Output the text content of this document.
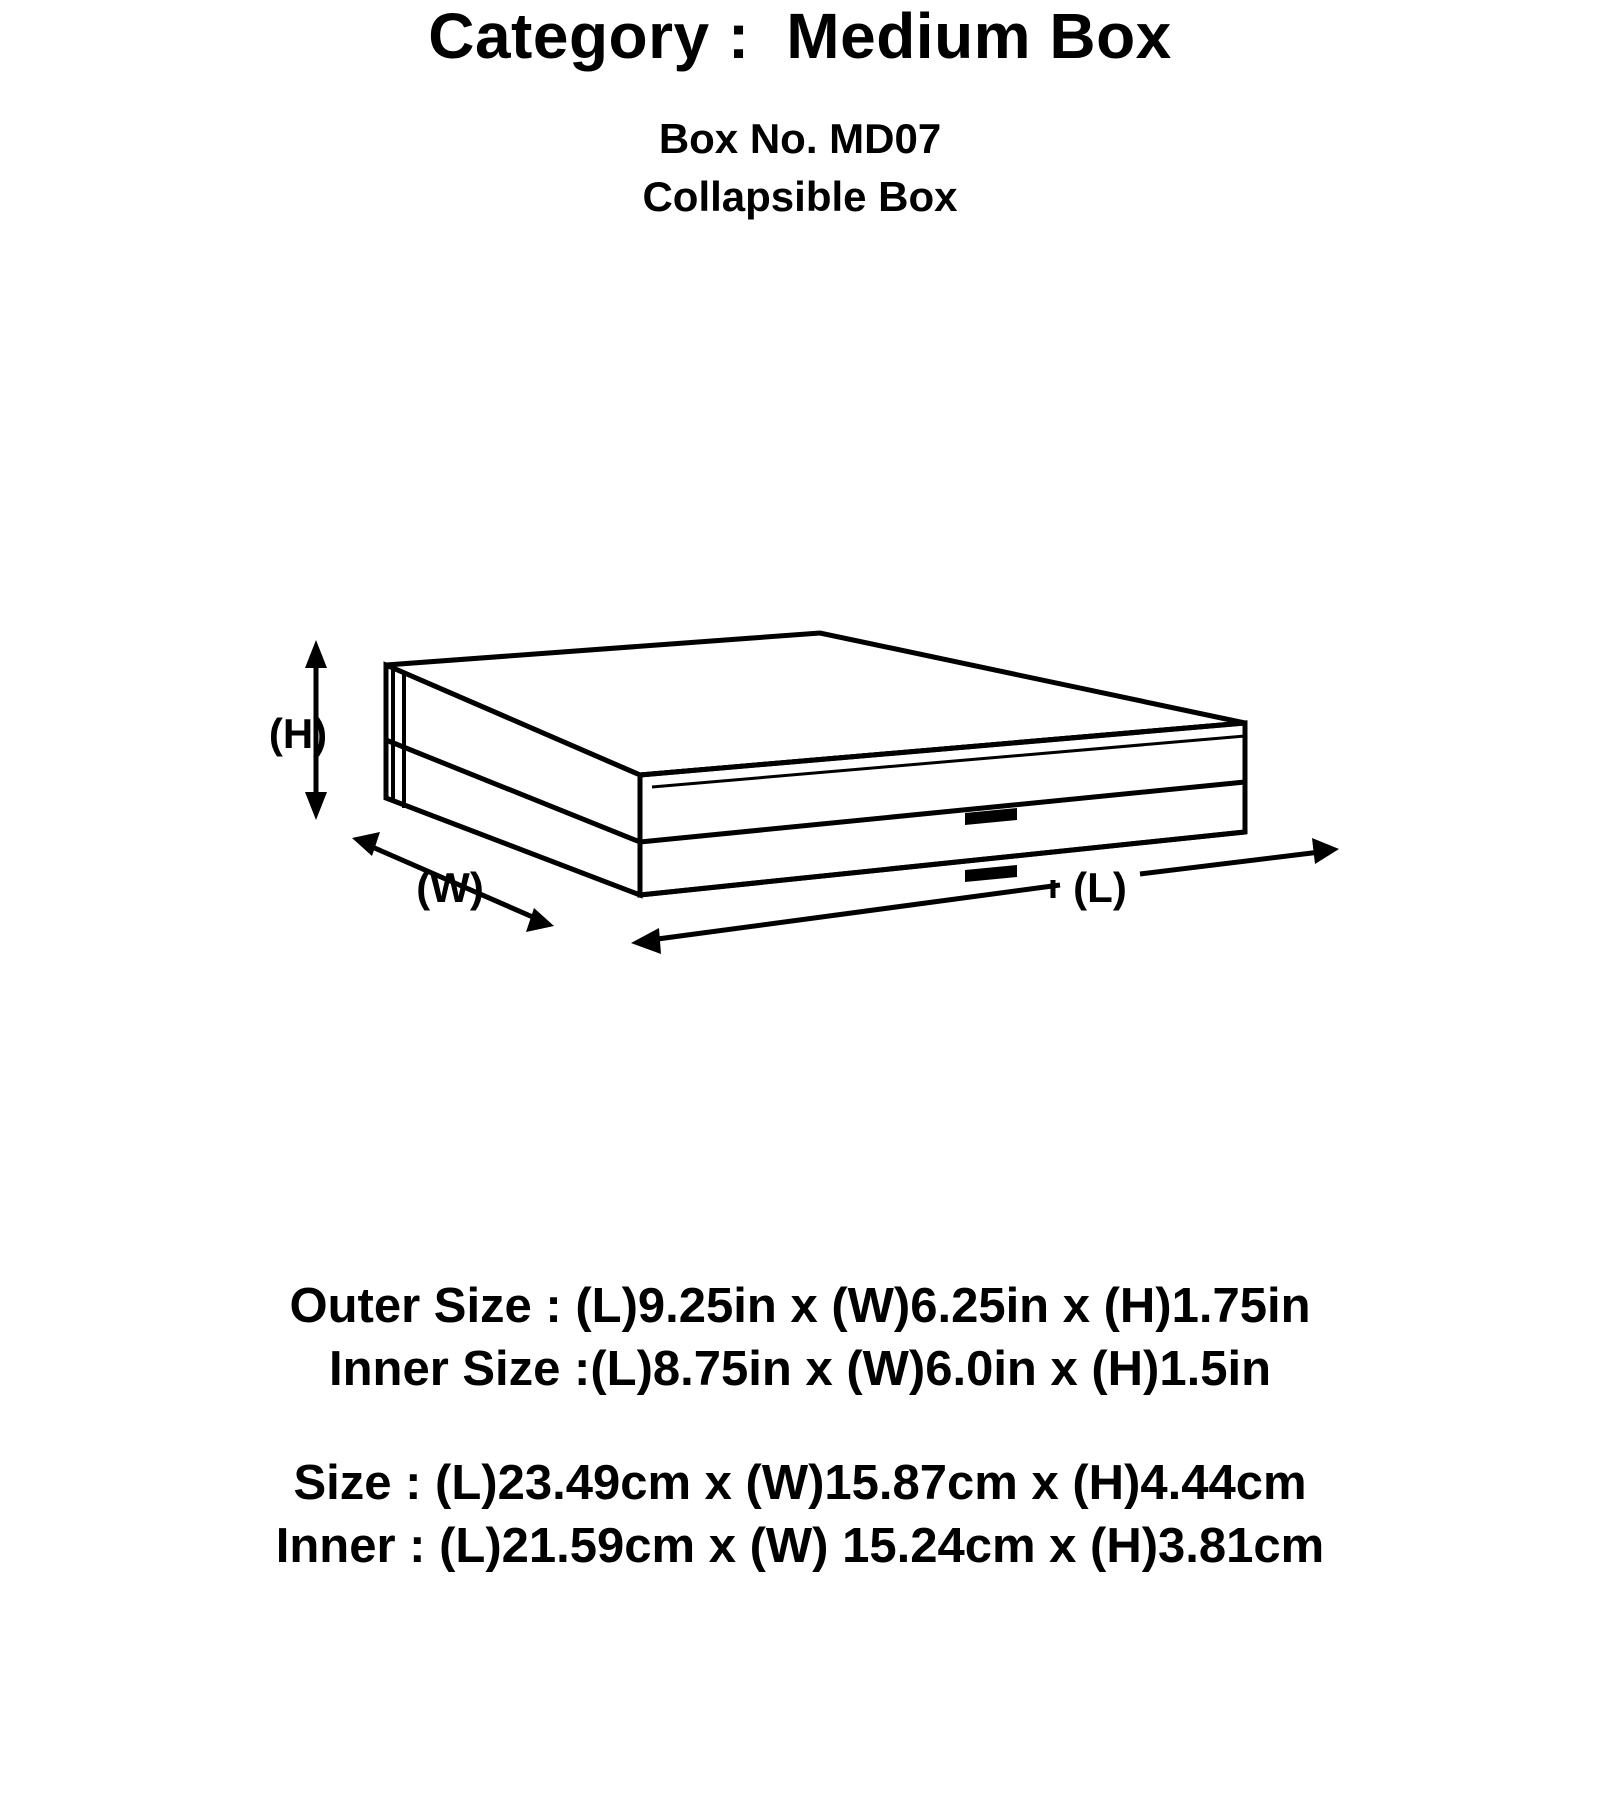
Category :  Medium Box
Box No. MD07
Collapsible Box
(H)
(W)	(L)
Outer Size : (L)9.25in x (W)6.25in x (H)1.75in
Inner Size :(L)8.75in x (W)6.0in x (H)1.5in
Size : (L)23.49cm x (W)15.87cm x (H)4.44cm
Inner : (L)21.59cm x (W) 15.24cm x (H)3.81cm
